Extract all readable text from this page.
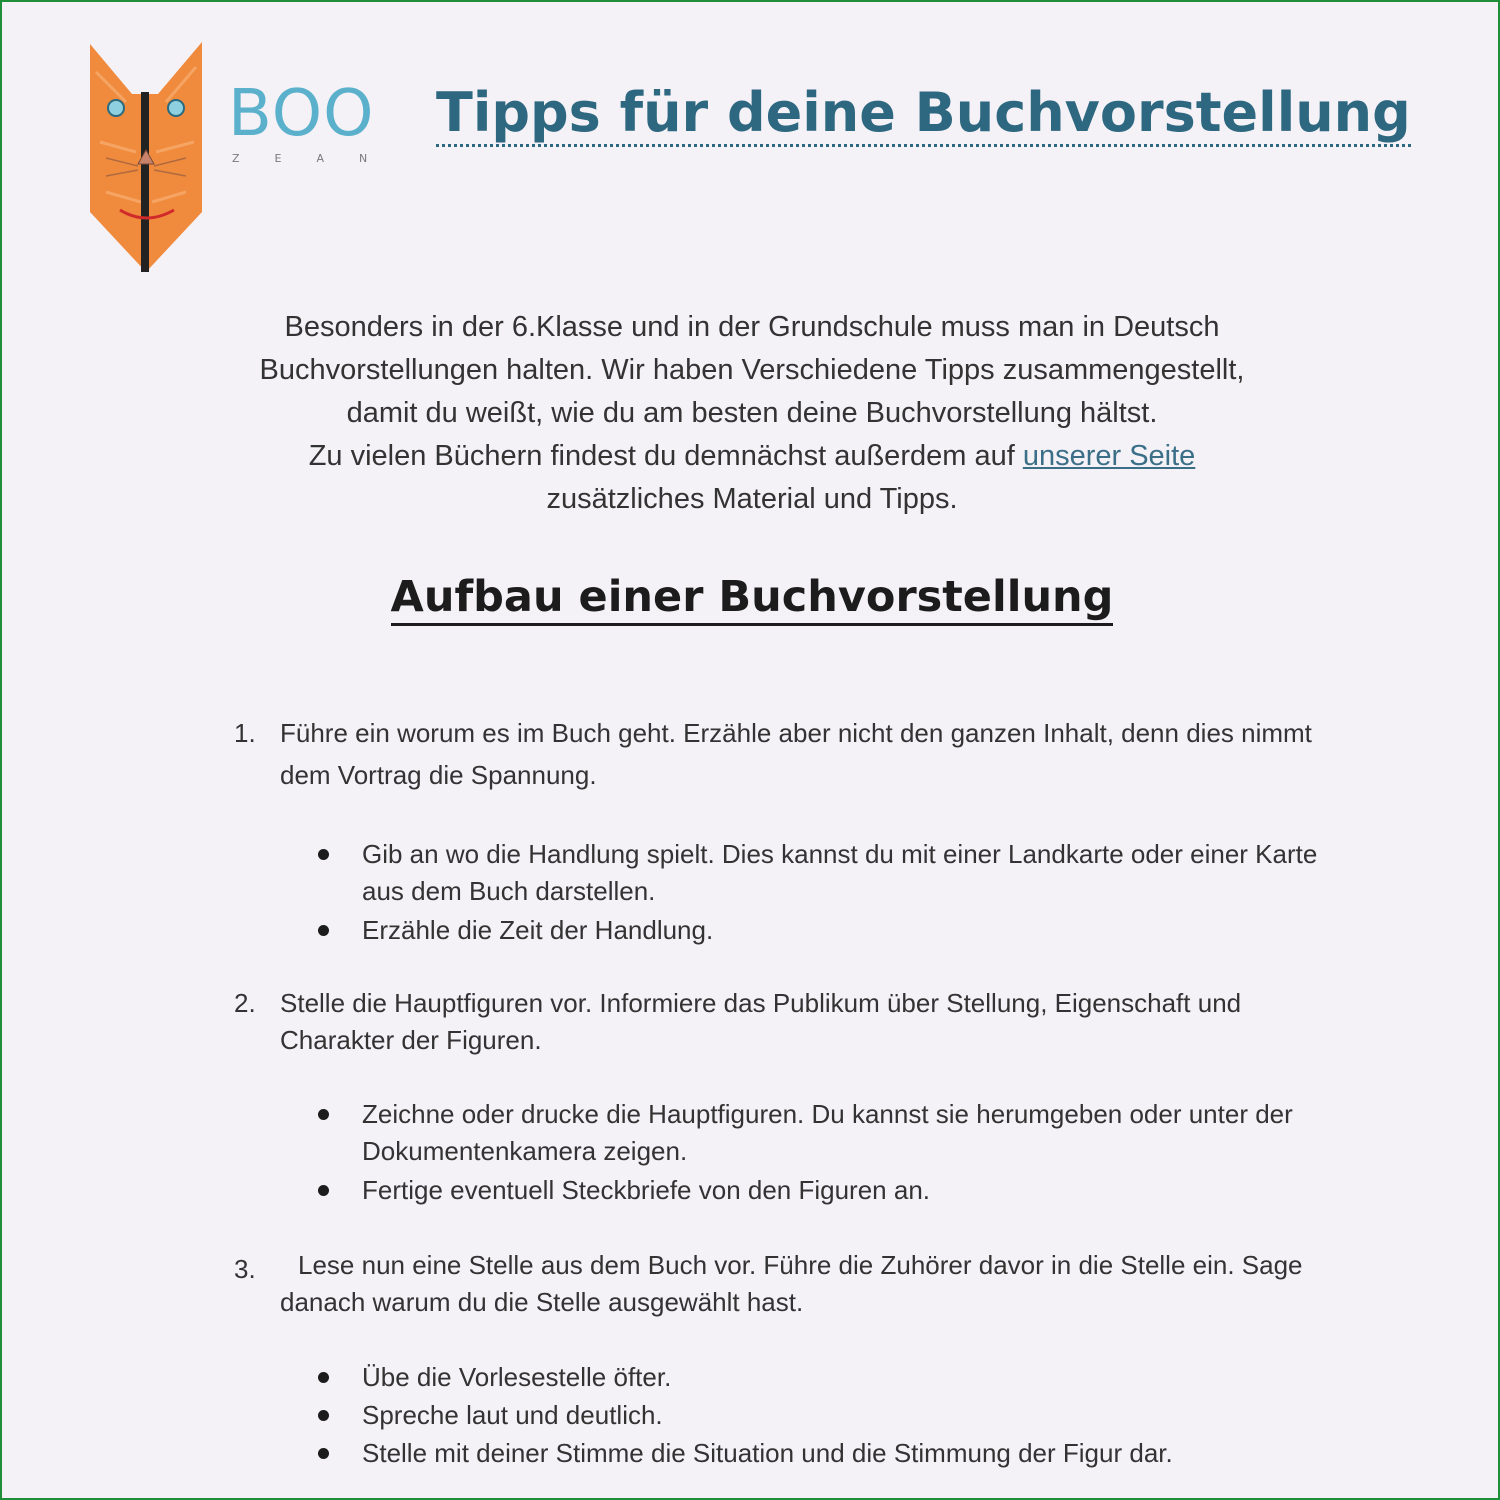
BOO
ZEAN
Tipps für deine Buchvorstellung

Besonders in der 6.Klasse und in der Grundschule muss man in Deutsch

Buchvorstellungen halten. Wir haben Verschiedene Tipps zusammengestellt,

damit du weißt, wie du am besten deine Buchvorstellung hältst.

Zu vielen Büchern findest du demnächst außerdem auf unserer Seite

zusätzliches Material und Tipps.

Aufbau einer Buchvorstellung
1. Führe ein worum es im Buch geht. Erzähle aber nicht den ganzen Inhalt, denn dies nimmt dem Vortrag die Spannung.
Gib an wo die Handlung spielt. Dies kannst du mit einer Landkarte oder einer Karte aus dem Buch darstellen.
Erzähle die Zeit der Handlung.
2. Stelle die Hauptfiguren vor. Informiere das Publikum über Stellung, Eigenschaft und Charakter der Figuren.
Zeichne oder drucke die Hauptfiguren. Du kannst sie herumgeben oder unter der Dokumentenkamera zeigen.
Fertige eventuell Steckbriefe von den Figuren an.
3.	Lese nun eine Stelle aus dem Buch vor. Führe die Zuhörer davor in die Stelle ein. Sage danach warum du die Stelle ausgewählt hast.
Übe die Vorlesestelle öfter.
Spreche laut und deutlich.
Stelle mit deiner Stimme die Situation und die Stimmung der Figur dar.
